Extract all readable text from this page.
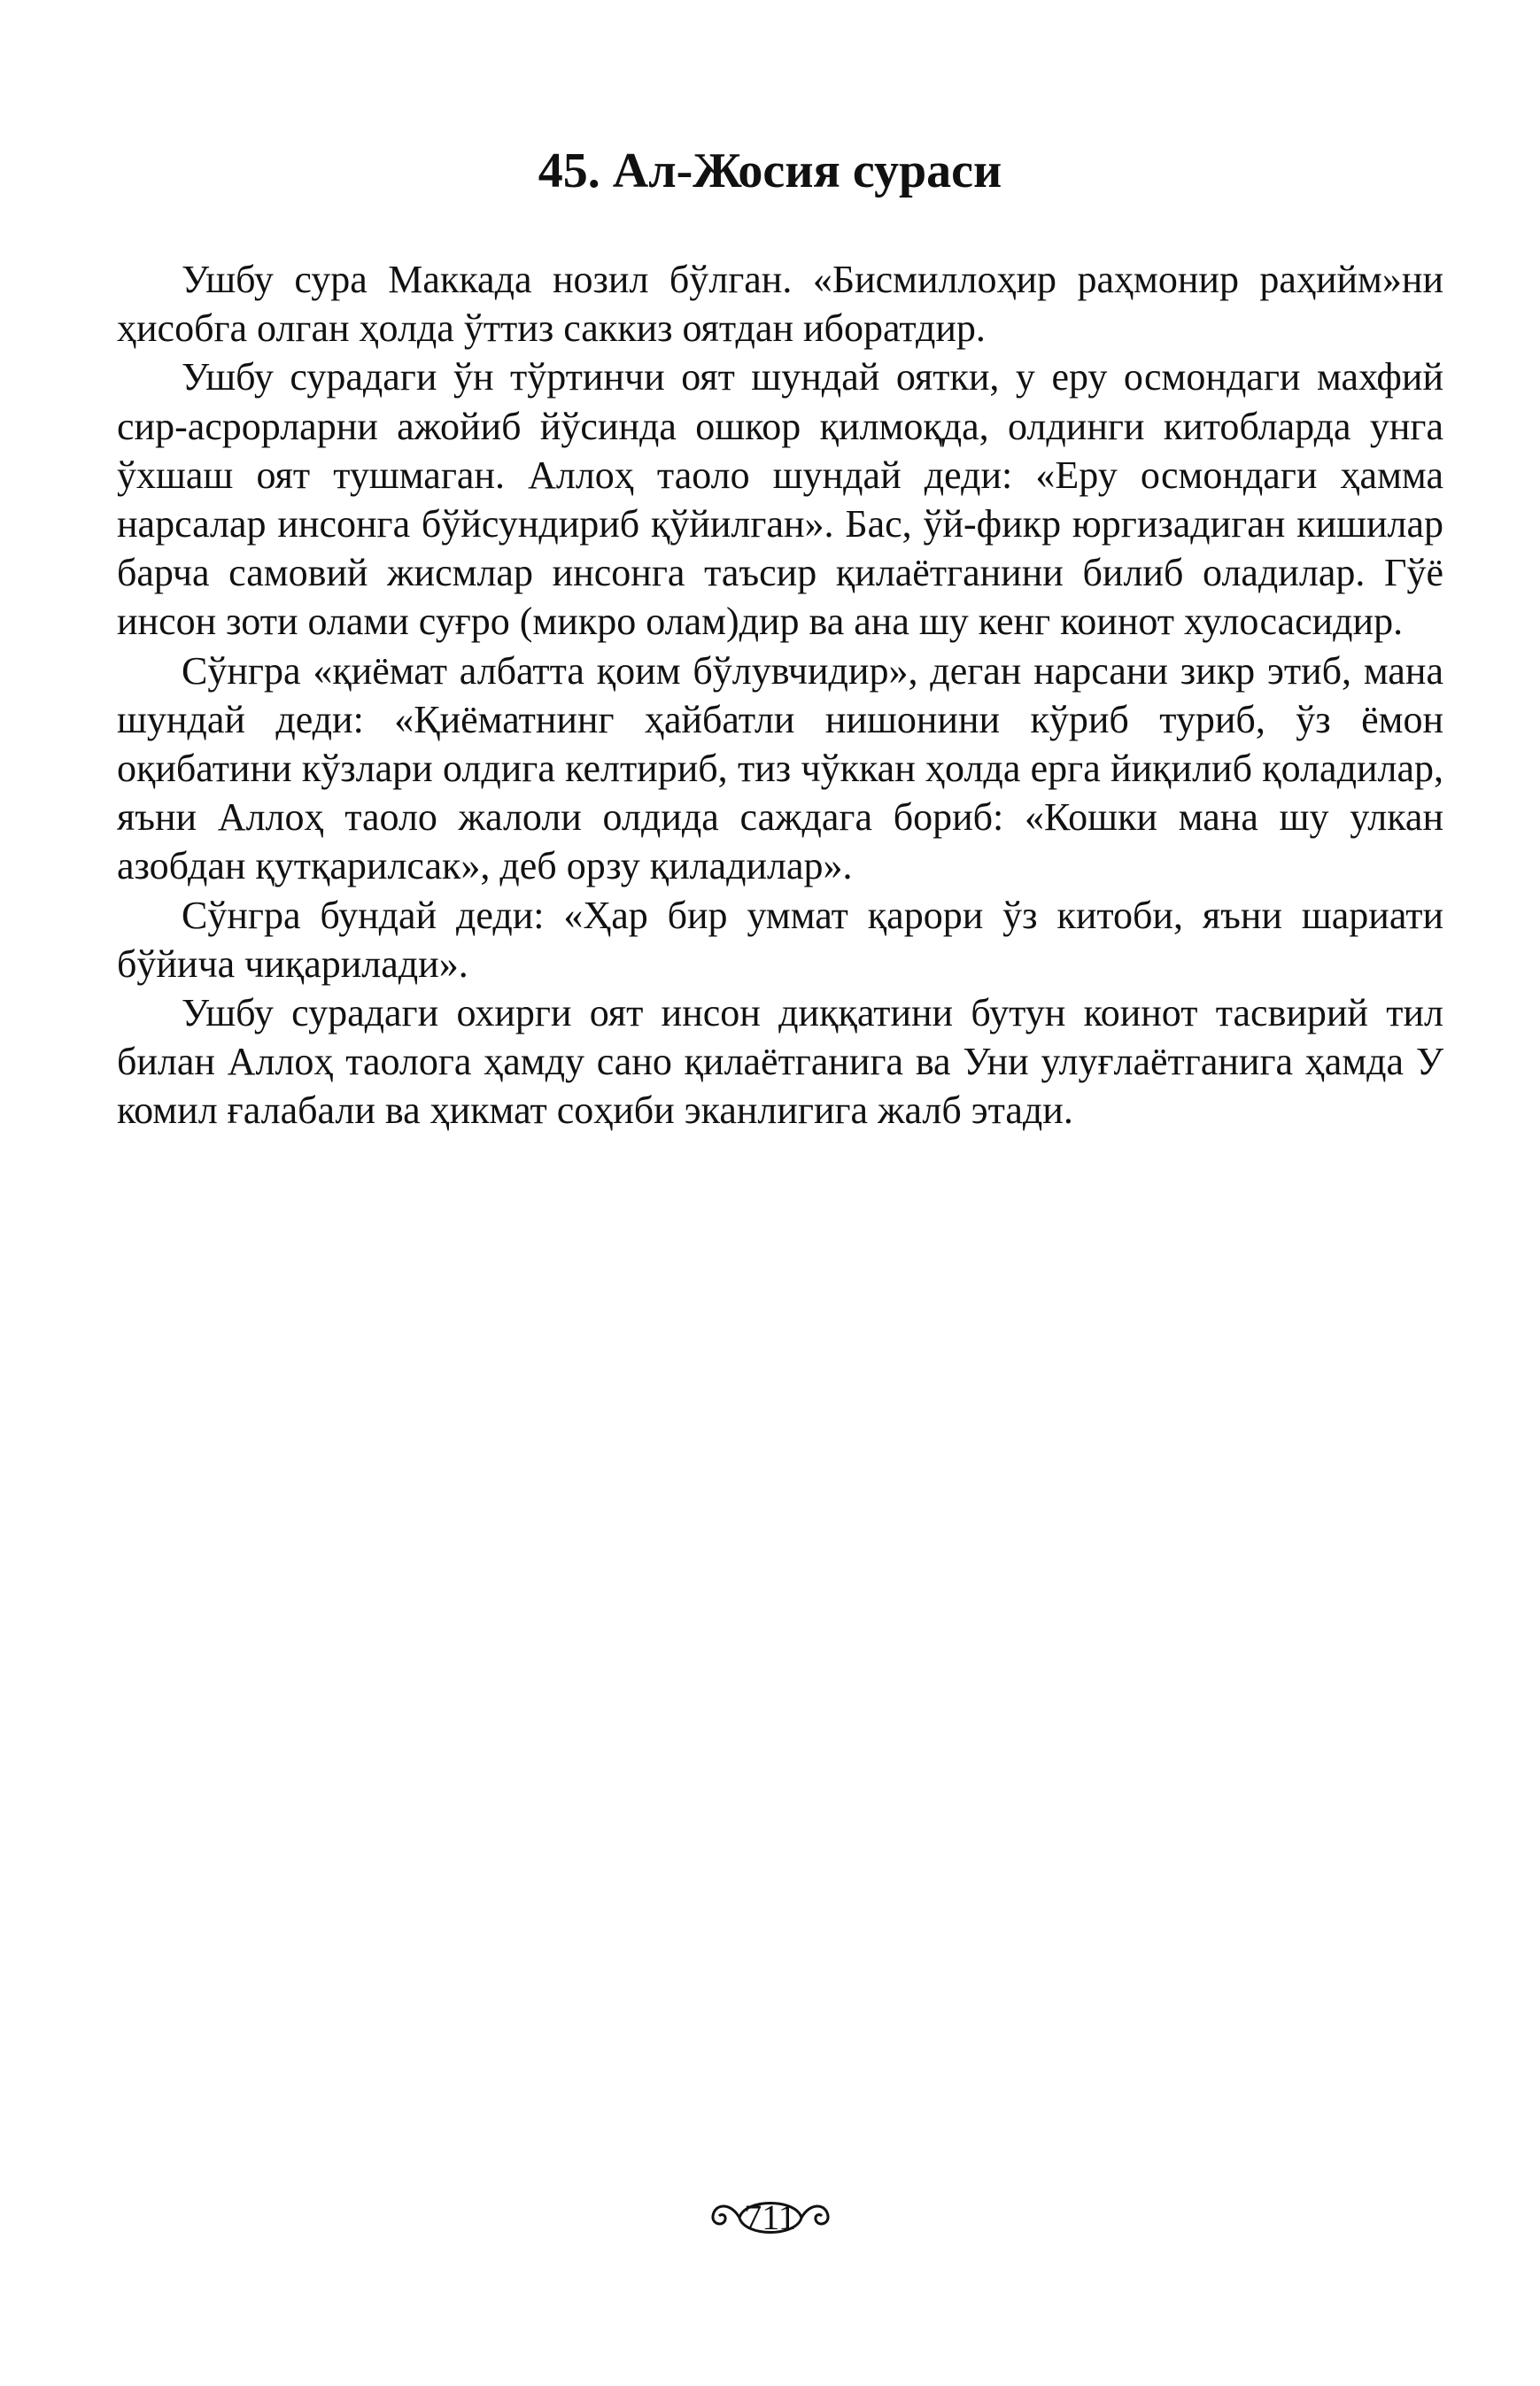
45. Ал-Жосия сураси

Ушбу сура Маккада нозил бўлган. «Бисмиллоҳир раҳмонир раҳийм»ни ҳисобга олган ҳолда ўттиз саккиз оятдан иборатдир.

Ушбу сурадаги ўн тўртинчи оят шундай оятки, у еру осмондаги махфий сир-асрорларни ажойиб йўсинда ошкор қилмоқда, олдинги китобларда унга ўхшаш оят тушмаган. Аллоҳ таоло шундай деди: «Еру осмондаги ҳамма нарсалар инсонга бўйсундириб қўйилган». Бас, ўй-фикр юргизадиган кишилар барча самовий жисмлар инсонга таъсир қилаётганини билиб оладилар. Гўё инсон зоти олами суғро (микро олам)дир ва ана шу кенг коинот хулосасидир.

Сўнгра «қиёмат албатта қоим бўлувчидир», деган нарсани зикр этиб, мана шундай деди: «Қиёматнинг ҳайбатли нишонини кўриб туриб, ўз ёмон оқибатини кўзлари олдига келтириб, тиз чўккан ҳолда ерга йиқилиб қоладилар, яъни Аллоҳ таоло жалоли олдида саждага бориб: «Кошки мана шу улкан азобдан қутқарилсак», деб орзу қиладилар».

Сўнгра бундай деди: «Ҳар бир уммат қарори ўз китоби, яъни шариати бўйича чиқарилади».

Ушбу сурадаги охирги оят инсон диққатини бутун коинот тасвирий тил билан Аллоҳ таологa ҳамду сано қилаётганига ва Уни улуғлаётганига ҳамда У комил ғалабали ва ҳикмат соҳиби эканлигига жалб этади.

711
